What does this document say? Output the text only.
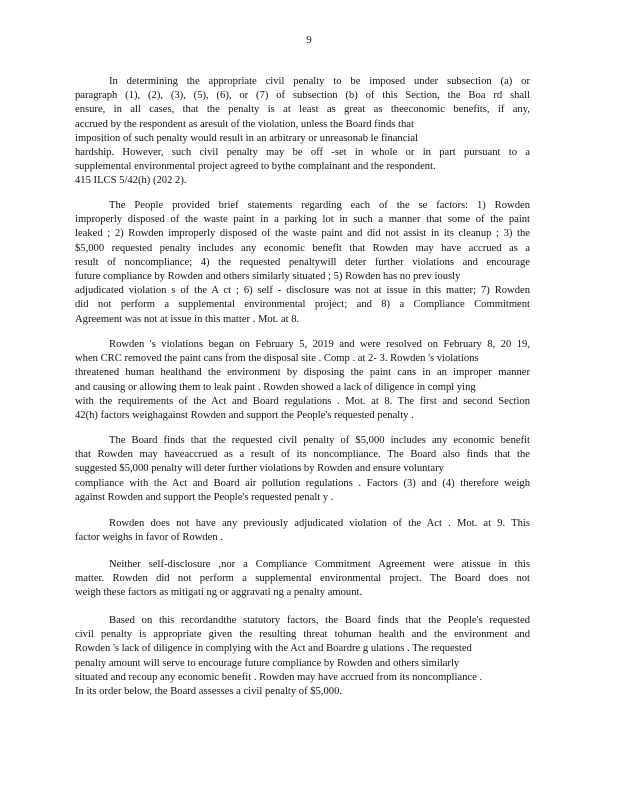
9
In determining the appropriate civil penalty to be imposed under subsection (a) or
paragraph (1), (2), (3), (5), (6), or (7) of subsection (b) of this Section, the Boa rd shall
ensure, in all cases, that the penalty is at least as great as theeconomic benefits, if any,
accrued by the respondent as aresult of the violation, unless the Board finds that
imposition of such penalty would result in an arbitrary or unreasonab le financial
hardship. However, such civil penalty may be off -set in whole or in part pursuant to a
supplemental environmental project agreed to bythe complainant and the respondent.
415 ILCS 5/42(h) (202 2).
The People provided brief statements regarding each of the se factors: 1) Rowden
improperly disposed of the waste paint in a parking lot in such a manner that some of the paint
leaked ; 2) Rowden improperly disposed of the waste paint and did not assist in its cleanup ; 3) the
$5,000 requested penalty includes any economic benefit that Rowden may have accrued as a
result of noncompliance; 4) the requested penaltywill deter further violations and encourage
future compliance by Rowden and others similarly situated ; 5) Rowden has no prev iously
adjudicated violation s of the A ct ; 6) self - disclosure was not at issue in this matter; 7) Rowden
did not perform a supplemental environmental project; and 8) a Compliance Commitment
Agreement was not at issue in this matter . Mot. at 8.
Rowden 's violations began on February 5, 2019 and were resolved on February 8, 20 19,
when CRC removed the paint cans from the disposal site . Comp . at 2- 3. Rowden 's violations
threatened human healthand the environment by disposing the paint cans in an improper manner
and causing or allowing them to leak paint . Rowden showed a lack of diligence in compl ying
with the requirements of the Act and Board regulations . Mot. at 8. The first and second Section
42(h) factors weighagainst Rowden and support the People's requested penalty .
The Board finds that the requested civil penalty of $5,000 includes any economic benefit
that Rowden may haveaccrued as a result of its noncompliance. The Board also finds that the
suggested $5,000 penalty will deter further violations by Rowden and ensure voluntary
compliance with the Act and Board air pollution regulations . Factors (3) and (4) therefore weigh
against Rowden and support the People's requested penalt y .
Rowden does not have any previously adjudicated violation of the Act . Mot. at 9. This
factor weighs in favor of Rowden .
Neither self-disclosure ,nor a Compliance Commitment Agreement were atissue in this
matter. Rowden did not perform a supplemental environmental project. The Board does not
weigh these factors as mitigati ng or aggravati ng a penalty amount.
Based on this recordandthe statutory factors, the Board finds that the People's requested
civil penalty is appropriate given the resulting threat tohuman health and the environment and
Rowden 's lack of diligence in complying with the Act and Boardre g ulations . The requested
penalty amount will serve to encourage future compliance by Rowden and others similarly
situated and recoup any economic benefit . Rowden may have accrued from its noncompliance .
In its order below, the Board assesses a civil penalty of $5,000.
